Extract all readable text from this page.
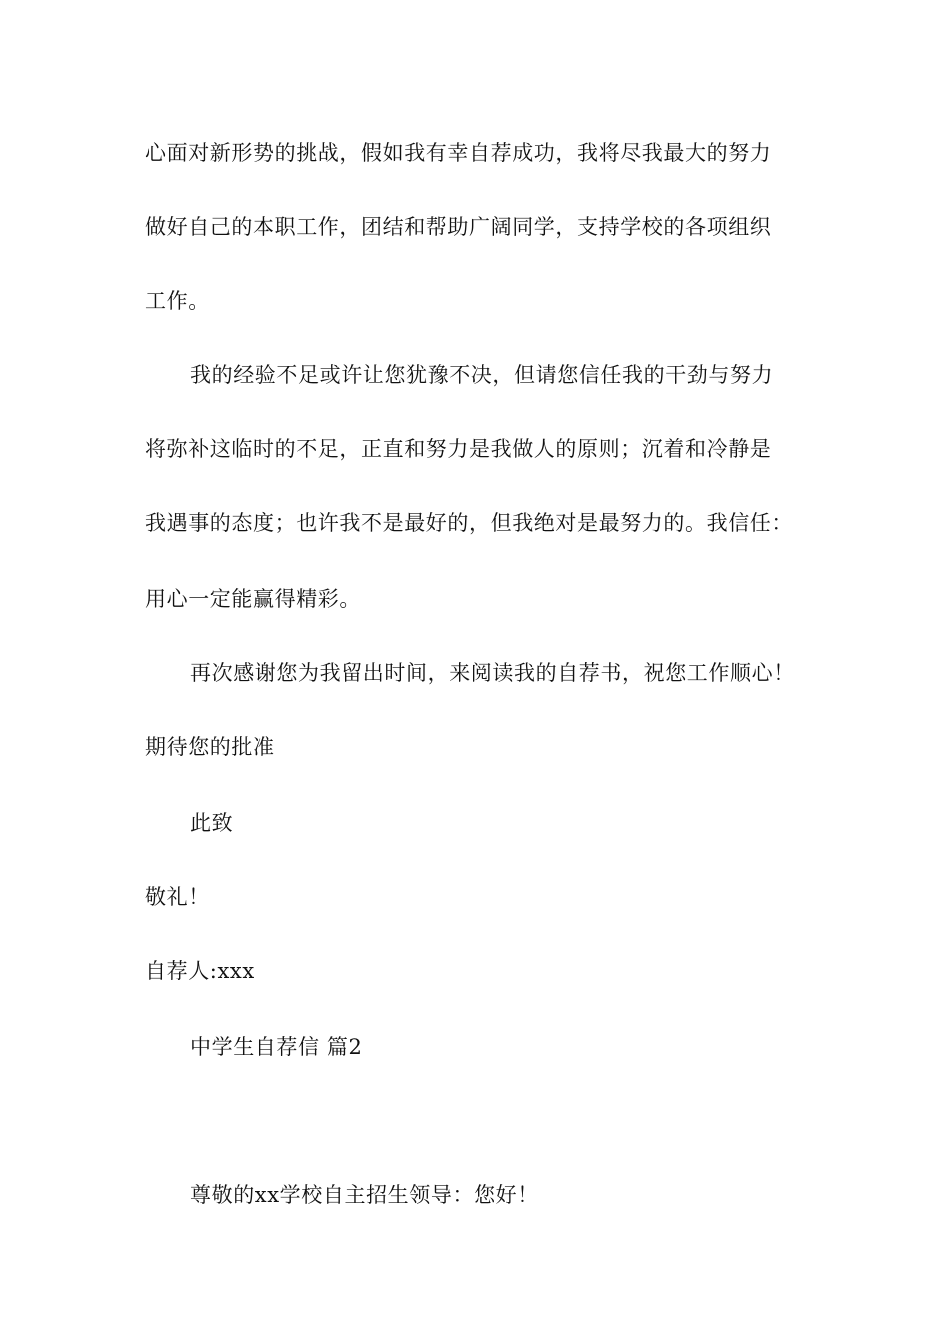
心面对新形势的挑战，假如我有幸自荐成功，我将尽我最大的努力
做好自己的本职工作，团结和帮助广阔同学，支持学校的各项组织
工作。
我的经验不足或许让您犹豫不决，但请您信任我的干劲与努力
将弥补这临时的不足，正直和努力是我做人的原则；沉着和冷静是
我遇事的态度；也许我不是最好的，但我绝对是最努力的。我信任：
用心一定能赢得精彩。
再次感谢您为我留出时间，来阅读我的自荐书，祝您工作顺心！
期待您的批准
此致
敬礼！
自荐人:xxx
中学生自荐信 篇2
尊敬的xx学校自主招生领导：您好！
